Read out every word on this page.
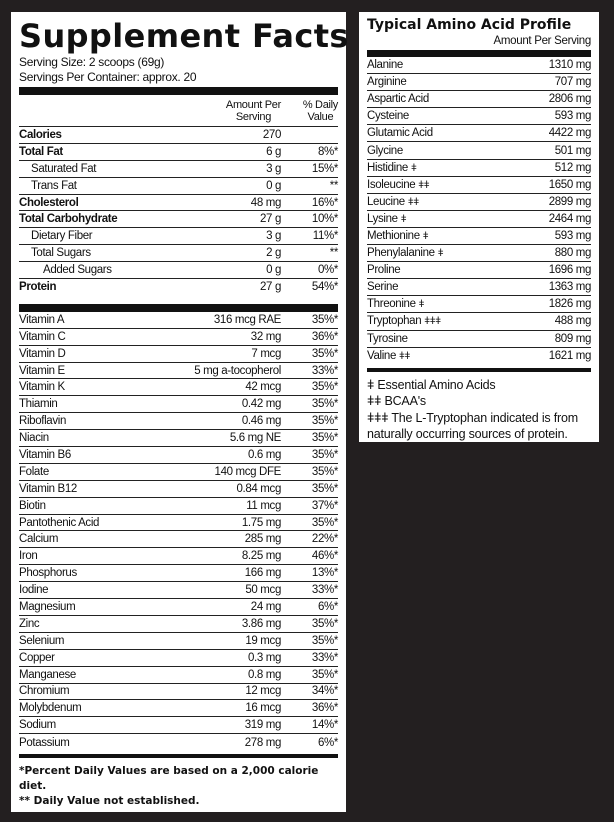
Supplement Facts
Serving Size: 2 scoops (69g)
Servings Per Container: approx. 20
Amount Per
Serving
% Daily
Value
Calories	270
Total Fat	6 g	8%*
Saturated Fat	3 g	15%*
Trans Fat	0 g	**
Cholesterol	48 mg	16%*
Total Carbohydrate	27 g	10%*
Dietary Fiber	3 g	11%*
Total Sugars	2 g	**
Added Sugars	0 g	0%*
Protein	27 g	54%*
Vitamin A	316 mcg RAE	35%*
Vitamin C	32 mg	36%*
Vitamin D	7 mcg	35%*
Vitamin E	5 mg a-tocopherol	33%*
Vitamin K	42 mcg	35%*
Thiamin	0.42 mg	35%*
Riboflavin	0.46 mg	35%*
Niacin	5.6 mg NE	35%*
Vitamin B6	0.6 mg	35%*
Folate	140 mcg DFE	35%*
Vitamin B12	0.84 mcg	35%*
Biotin	11 mcg	37%*
Pantothenic Acid	1.75 mg	35%*
Calcium	285 mg	22%*
Iron	8.25 mg	46%*
Phosphorus	166 mg	13%*
Iodine	50 mcg	33%*
Magnesium	24 mg	6%*
Zinc	3.86 mg	35%*
Selenium	19 mcg	35%*
Copper	0.3 mg	33%*
Manganese	0.8 mg	35%*
Chromium	12 mcg	34%*
Molybdenum	16 mcg	36%*
Sodium	319 mg	14%*
Potassium	278 mg	6%*
*Percent Daily Values are based on a 2,000 calorie diet.
** Daily Value not established.
Typical Amino Acid Profile
Amount Per Serving
Alanine	1310 mg
Arginine	707 mg
Aspartic Acid	2806 mg
Cysteine	593 mg
Glutamic Acid	4422 mg
Glycine	501 mg
Histidine ǂ	512 mg
Isoleucine ǂǂ	1650 mg
Leucine ǂǂ	2899 mg
Lysine ǂ	2464 mg
Methionine ǂ	593 mg
Phenylalanine ǂ	880 mg
Proline	1696 mg
Serine	1363 mg
Threonine ǂ	1826 mg
Tryptophan ǂǂǂ	488 mg
Tyrosine	809 mg
Valine ǂǂ	1621 mg
ǂ Essential Amino Acids
ǂǂ BCAA's
ǂǂǂ The L-Tryptophan indicated is from naturally occurring sources of protein.
